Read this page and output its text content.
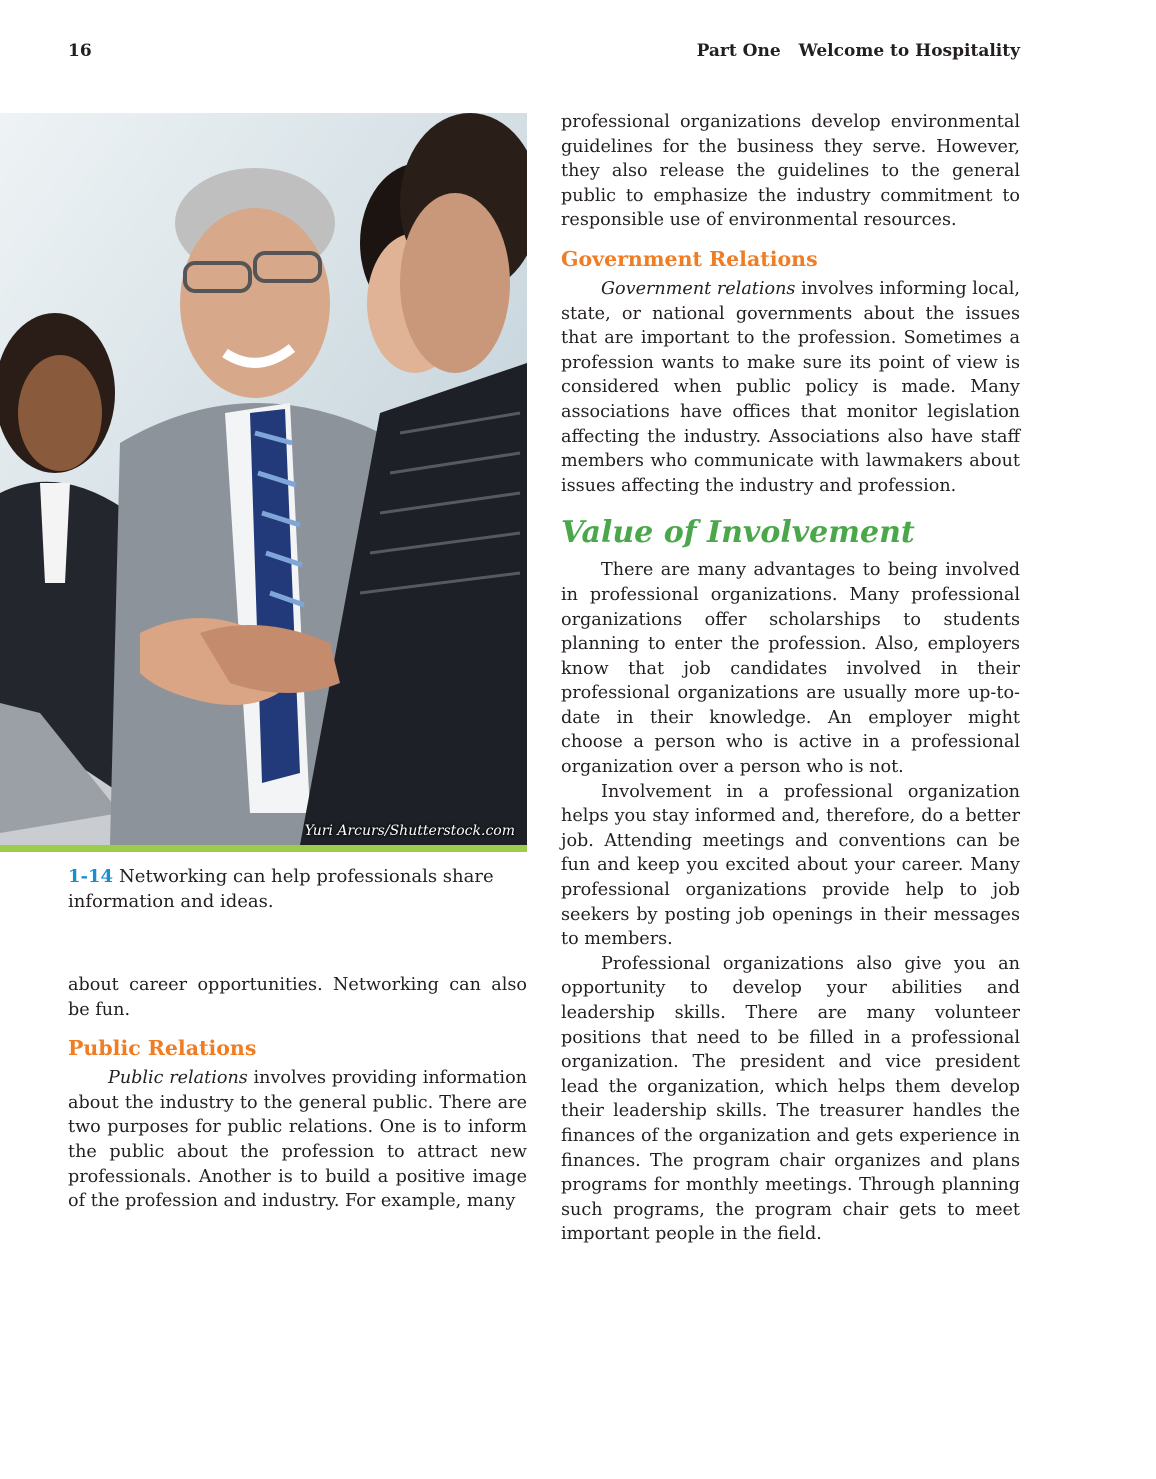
16	Part One Welcome to Hospitality
Yuri Arcurs/Shutterstock.com
1-14 Networking can help professionals share information and ideas.

about career opportunities. Networking can also be fun.

Public Relations

Public relations involves providing information about the industry to the general public. There are two purposes for public relations. One is to inform the public about the profession to attract new professionals. Another is to build a positive image of the profession and industry. For example, many

professional organizations develop environmental guidelines for the business they serve. However, they also release the guidelines to the general public to emphasize the industry commitment to responsible use of environmental resources.

Government Relations

Government relations involves informing local, state, or national governments about the issues that are important to the profession. Sometimes a profession wants to make sure its point of view is considered when public policy is made. Many associations have offices that monitor legislation affecting the industry. Associations also have staff members who communicate with lawmakers about issues affecting the industry and profession.

Value of Involvement

There are many advantages to being involved in professional organizations. Many professional organizations offer scholarships to students planning to enter the profession. Also, employers know that job candidates involved in their professional organizations are usually more up-to-date in their knowledge. An employer might choose a person who is active in a professional organization over a person who is not.

Involvement in a professional organization helps you stay informed and, therefore, do a better job. Attending meetings and conventions can be fun and keep you excited about your career. Many professional organizations provide help to job seekers by posting job openings in their messages to members.

Professional organizations also give you an opportunity to develop your abilities and leadership skills. There are many volunteer positions that need to be filled in a professional organization. The president and vice president lead the organization, which helps them develop their leadership skills. The treasurer handles the finances of the organization and gets experience in finances. The program chair organizes and plans programs for monthly meetings. Through planning such programs, the program chair gets to meet important people in the field.
